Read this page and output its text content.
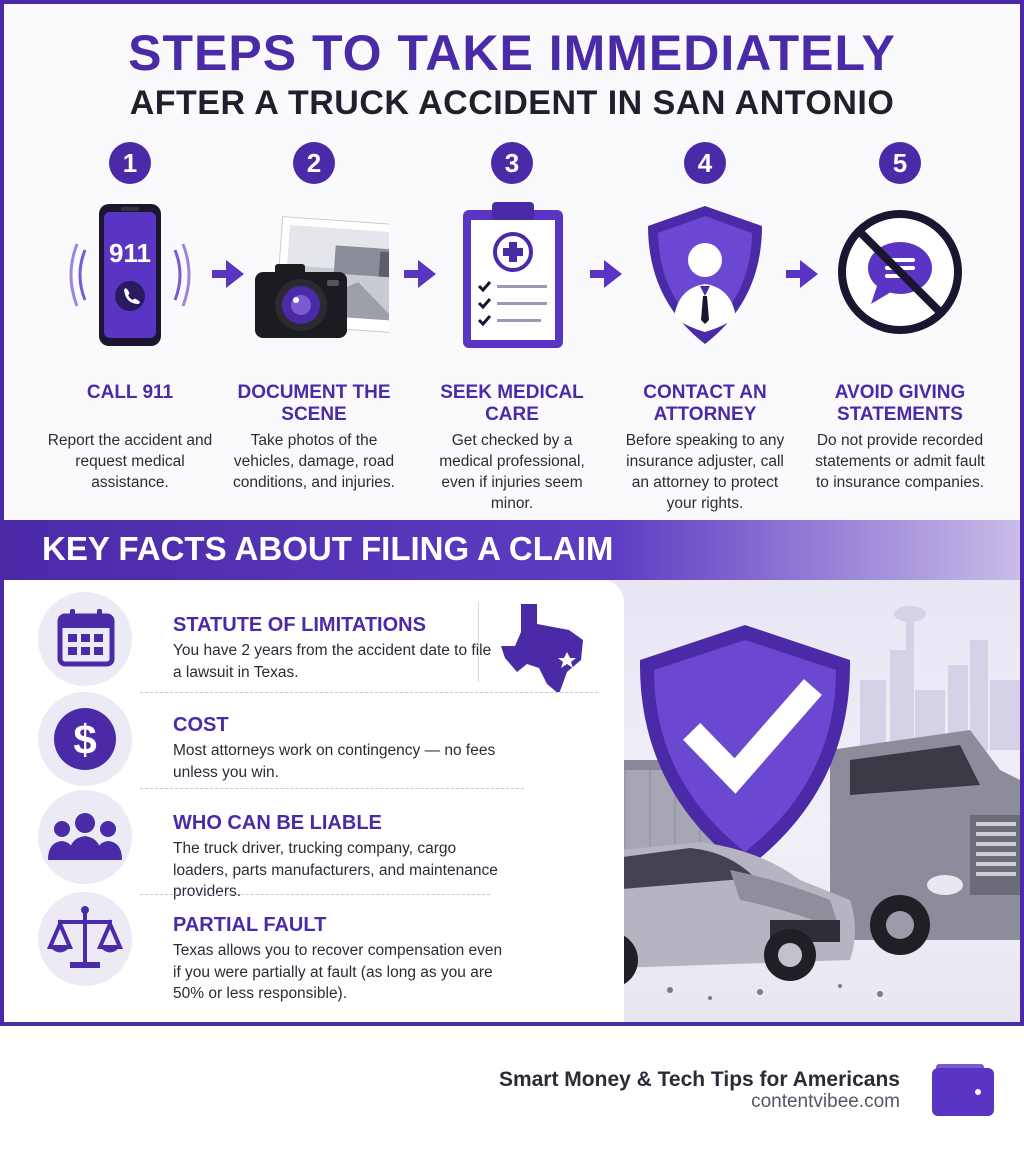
STEPS TO TAKE IMMEDIATELY
AFTER A TRUCK ACCIDENT IN SAN ANTONIO
1
911
CALL 911
Report the accident and request medical assistance.
2
DOCUMENT THE SCENE
Take photos of the vehicles, damage, road conditions, and injuries.
3
SEEK MEDICAL CARE
Get checked by a medical professional, even if injuries seem minor.
4
CONTACT AN ATTORNEY
Before speaking to any insurance adjuster, call an attorney to protect your rights.
5
AVOID GIVING STATEMENTS
Do not provide recorded statements or admit fault to insurance companies.
KEY FACTS ABOUT FILING A CLAIM
STATUTE OF LIMITATIONS
You have 2 years from the accident date to file a lawsuit in Texas.
$	COST
Most attorneys work on contingency — no fees unless you win.
WHO CAN BE LIABLE
The truck driver, trucking company, cargo loaders, parts manufacturers, and maintenance providers.
PARTIAL FAULT
Texas allows you to recover compensation even if you were partially at fault (as long as you are 50% or less responsible).
Smart Money & Tech Tips for Americans
contentvibee.com
